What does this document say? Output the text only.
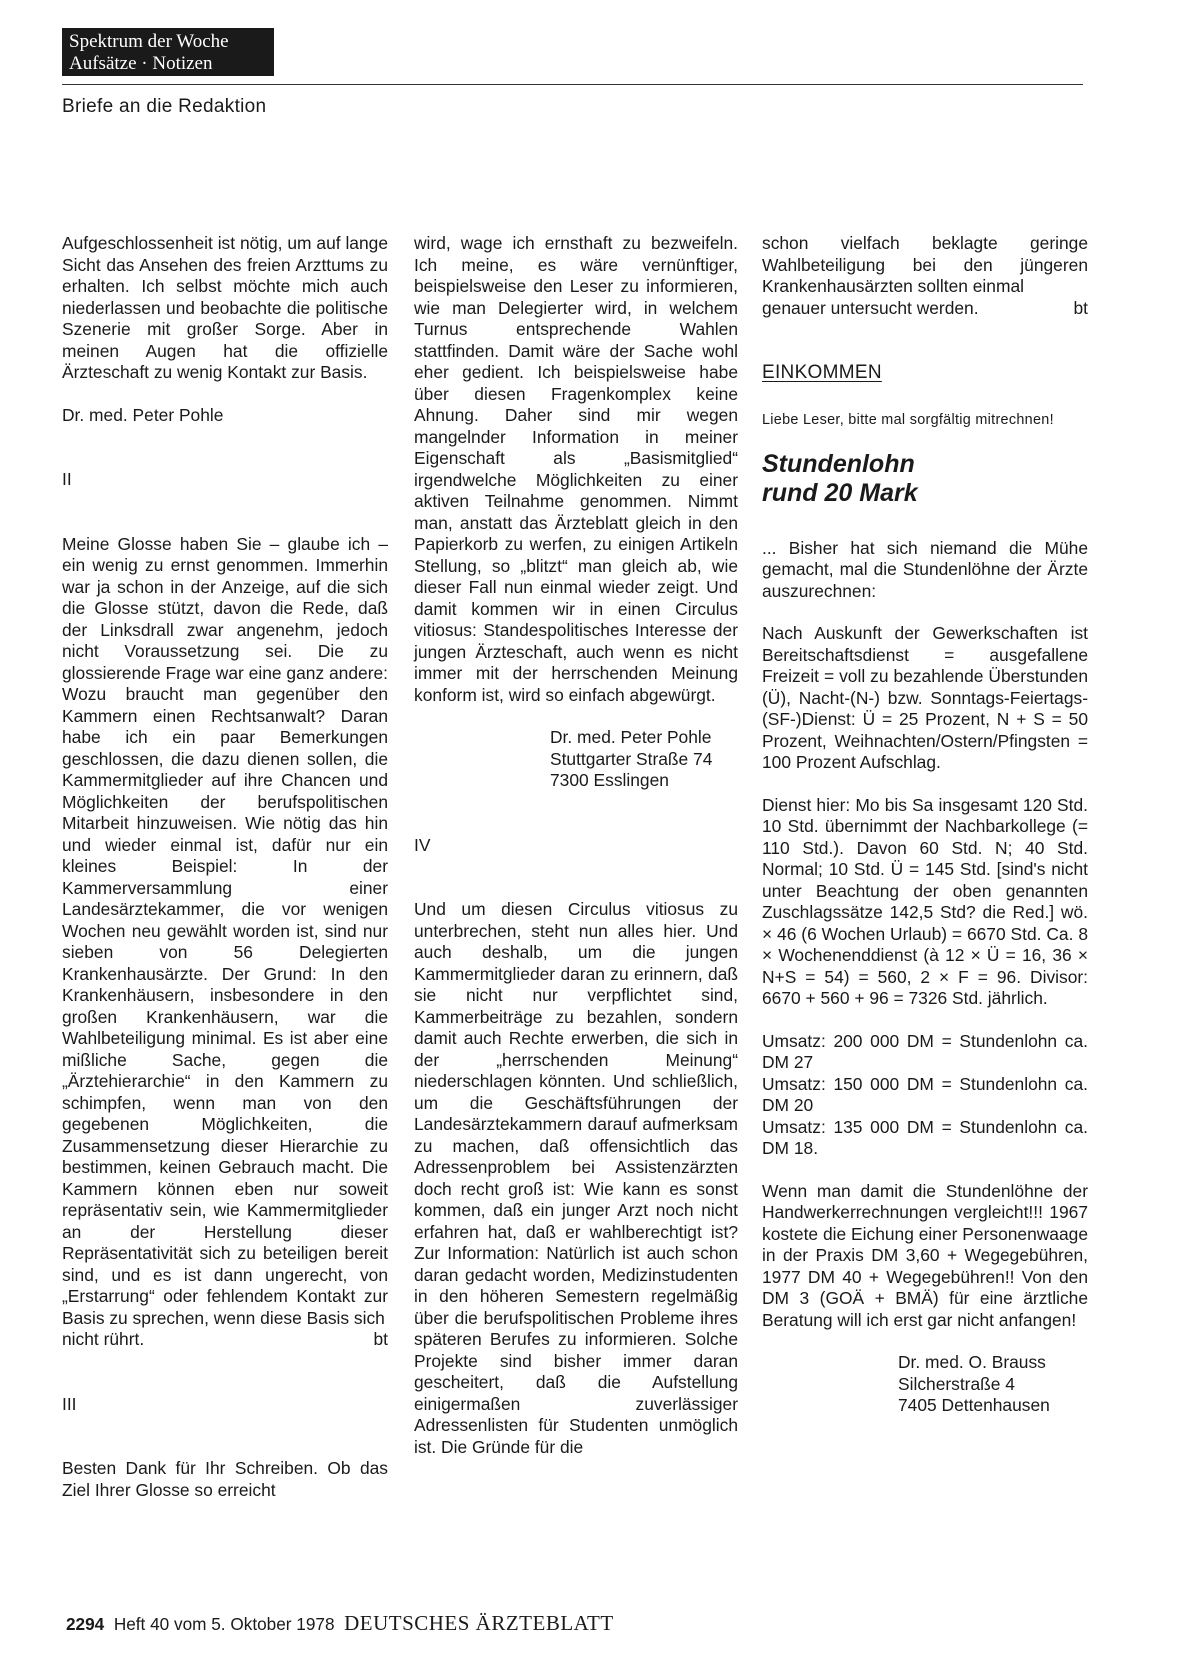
Spektrum der Woche
Aufsätze · Notizen
Briefe an die Redaktion

Aufgeschlossenheit ist nötig, um auf lange Sicht das Ansehen des freien Arzttums zu erhalten. Ich selbst möchte mich auch niederlassen und beobachte die politische Szenerie mit großer Sorge. Aber in meinen Augen hat die offizielle Ärzteschaft zu wenig Kontakt zur Basis.

Dr. med. Peter Pohle

II

Meine Glosse haben Sie – glaube ich – ein wenig zu ernst genommen. Immerhin war ja schon in der Anzeige, auf die sich die Glosse stützt, davon die Rede, daß der Linksdrall zwar angenehm, jedoch nicht Voraussetzung sei. Die zu glossierende Frage war eine ganz andere: Wozu braucht man gegenüber den Kammern einen Rechtsanwalt? Daran habe ich ein paar Bemerkungen geschlossen, die dazu dienen sollen, die Kammermitglieder auf ihre Chancen und Möglichkeiten der berufspolitischen Mitarbeit hinzuweisen. Wie nötig das hin und wieder einmal ist, dafür nur ein kleines Beispiel: In der Kammerversammlung einer Landesärztekammer, die vor wenigen Wochen neu gewählt worden ist, sind nur sieben von 56 Delegierten Krankenhausärzte. Der Grund: In den Krankenhäusern, insbesondere in den großen Krankenhäusern, war die Wahlbeteiligung minimal. Es ist aber eine mißliche Sache, gegen die „Ärztehierarchie“ in den Kammern zu schimpfen, wenn man von den gegebenen Möglichkeiten, die Zusammensetzung dieser Hierarchie zu bestimmen, keinen Gebrauch macht. Die Kammern können eben nur soweit repräsentativ sein, wie Kammermitglieder an der Herstellung dieser Repräsentativität sich zu beteiligen bereit sind, und es ist dann ungerecht, von „Erstarrung“ oder fehlendem Kontakt zur Basis zu sprechen, wenn diese Basis sich

nicht rührt.	bt

III

Besten Dank für Ihr Schreiben. Ob das Ziel Ihrer Glosse so erreicht

wird, wage ich ernsthaft zu bezweifeln. Ich meine, es wäre vernünftiger, beispielsweise den Leser zu informieren, wie man Delegierter wird, in welchem Turnus entsprechende Wahlen stattfinden. Damit wäre der Sache wohl eher gedient. Ich beispielsweise habe über diesen Fragenkomplex keine Ahnung. Daher sind mir wegen mangelnder Information in meiner Eigenschaft als „Basismitglied“ irgendwelche Möglichkeiten zu einer aktiven Teilnahme genommen. Nimmt man, anstatt das Ärzteblatt gleich in den Papierkorb zu werfen, zu einigen Artikeln Stellung, so „blitzt“ man gleich ab, wie dieser Fall nun einmal wieder zeigt. Und damit kommen wir in einen Circulus vitiosus: Standespolitisches Interesse der jungen Ärzteschaft, auch wenn es nicht immer mit der herrschenden Meinung konform ist, wird so einfach abgewürgt.

Dr. med. Peter Pohle
Stuttgarter Straße 74
7300 Esslingen

IV

Und um diesen Circulus vitiosus zu unterbrechen, steht nun alles hier. Und auch deshalb, um die jungen Kammermitglieder daran zu erinnern, daß sie nicht nur verpflichtet sind, Kammerbeiträge zu bezahlen, sondern damit auch Rechte erwerben, die sich in der „herrschenden Meinung“ niederschlagen könnten. Und schließlich, um die Geschäftsführungen der Landesärztekammern darauf aufmerksam zu machen, daß offensichtlich das Adressenproblem bei Assistenzärzten doch recht groß ist: Wie kann es sonst kommen, daß ein junger Arzt noch nicht erfahren hat, daß er wahlberechtigt ist? Zur Information: Natürlich ist auch schon daran gedacht worden, Medizinstudenten in den höheren Semestern regelmäßig über die berufspolitischen Probleme ihres späteren Berufes zu informieren. Solche Projekte sind bisher immer daran gescheitert, daß die Aufstellung einigermaßen zuverlässiger Adressenlisten für Studenten unmöglich ist. Die Gründe für die

schon vielfach beklagte geringe Wahlbeteiligung bei den jüngeren Krankenhausärzten sollten einmal

genauer untersucht werden.	bt

EINKOMMEN

Liebe Leser, bitte mal sorgfältig mitrechnen!

Stundenlohn

rund 20 Mark

... Bisher hat sich niemand die Mühe gemacht, mal die Stundenlöhne der Ärzte auszurechnen:

Nach Auskunft der Gewerkschaften ist Bereitschaftsdienst = ausgefallene Freizeit = voll zu bezahlende Überstunden (Ü), Nacht-(N-) bzw. Sonntags-Feiertags-(SF-)Dienst: Ü = 25 Prozent, N + S = 50 Prozent, Weihnachten/Ostern/Pfingsten = 100 Prozent Aufschlag.

Dienst hier: Mo bis Sa insgesamt 120 Std. 10 Std. übernimmt der Nachbarkollege (= 110 Std.). Davon 60 Std. N; 40 Std. Normal; 10 Std. Ü = 145 Std. [sind's nicht unter Beachtung der oben genannten Zuschlagssätze 142,5 Std? die Red.] wö. × 46 (6 Wochen Urlaub) = 6670 Std. Ca. 8 × Wochenenddienst (à 12 × Ü = 16, 36 × N+S = 54) = 560, 2 × F = 96. Divisor: 6670 + 560 + 96 = 7326 Std. jährlich.

Umsatz: 200 000 DM = Stundenlohn ca. DM 27

Umsatz: 150 000 DM = Stundenlohn ca. DM 20

Umsatz: 135 000 DM = Stundenlohn ca. DM 18.

Wenn man damit die Stundenlöhne der Handwerkerrechnungen vergleicht!!! 1967 kostete die Eichung einer Personenwaage in der Praxis DM 3,60 + Wegegebühren, 1977 DM 40 + Wegegebühren!! Von den DM 3 (GOÄ + BMÄ) für eine ärztliche Beratung will ich erst gar nicht anfangen!

Dr. med. O. Brauss
Silcherstraße 4
7405 Dettenhausen
2294 Heft 40 vom 5. Oktober 1978 DEUTSCHES ÄRZTEBLATT
